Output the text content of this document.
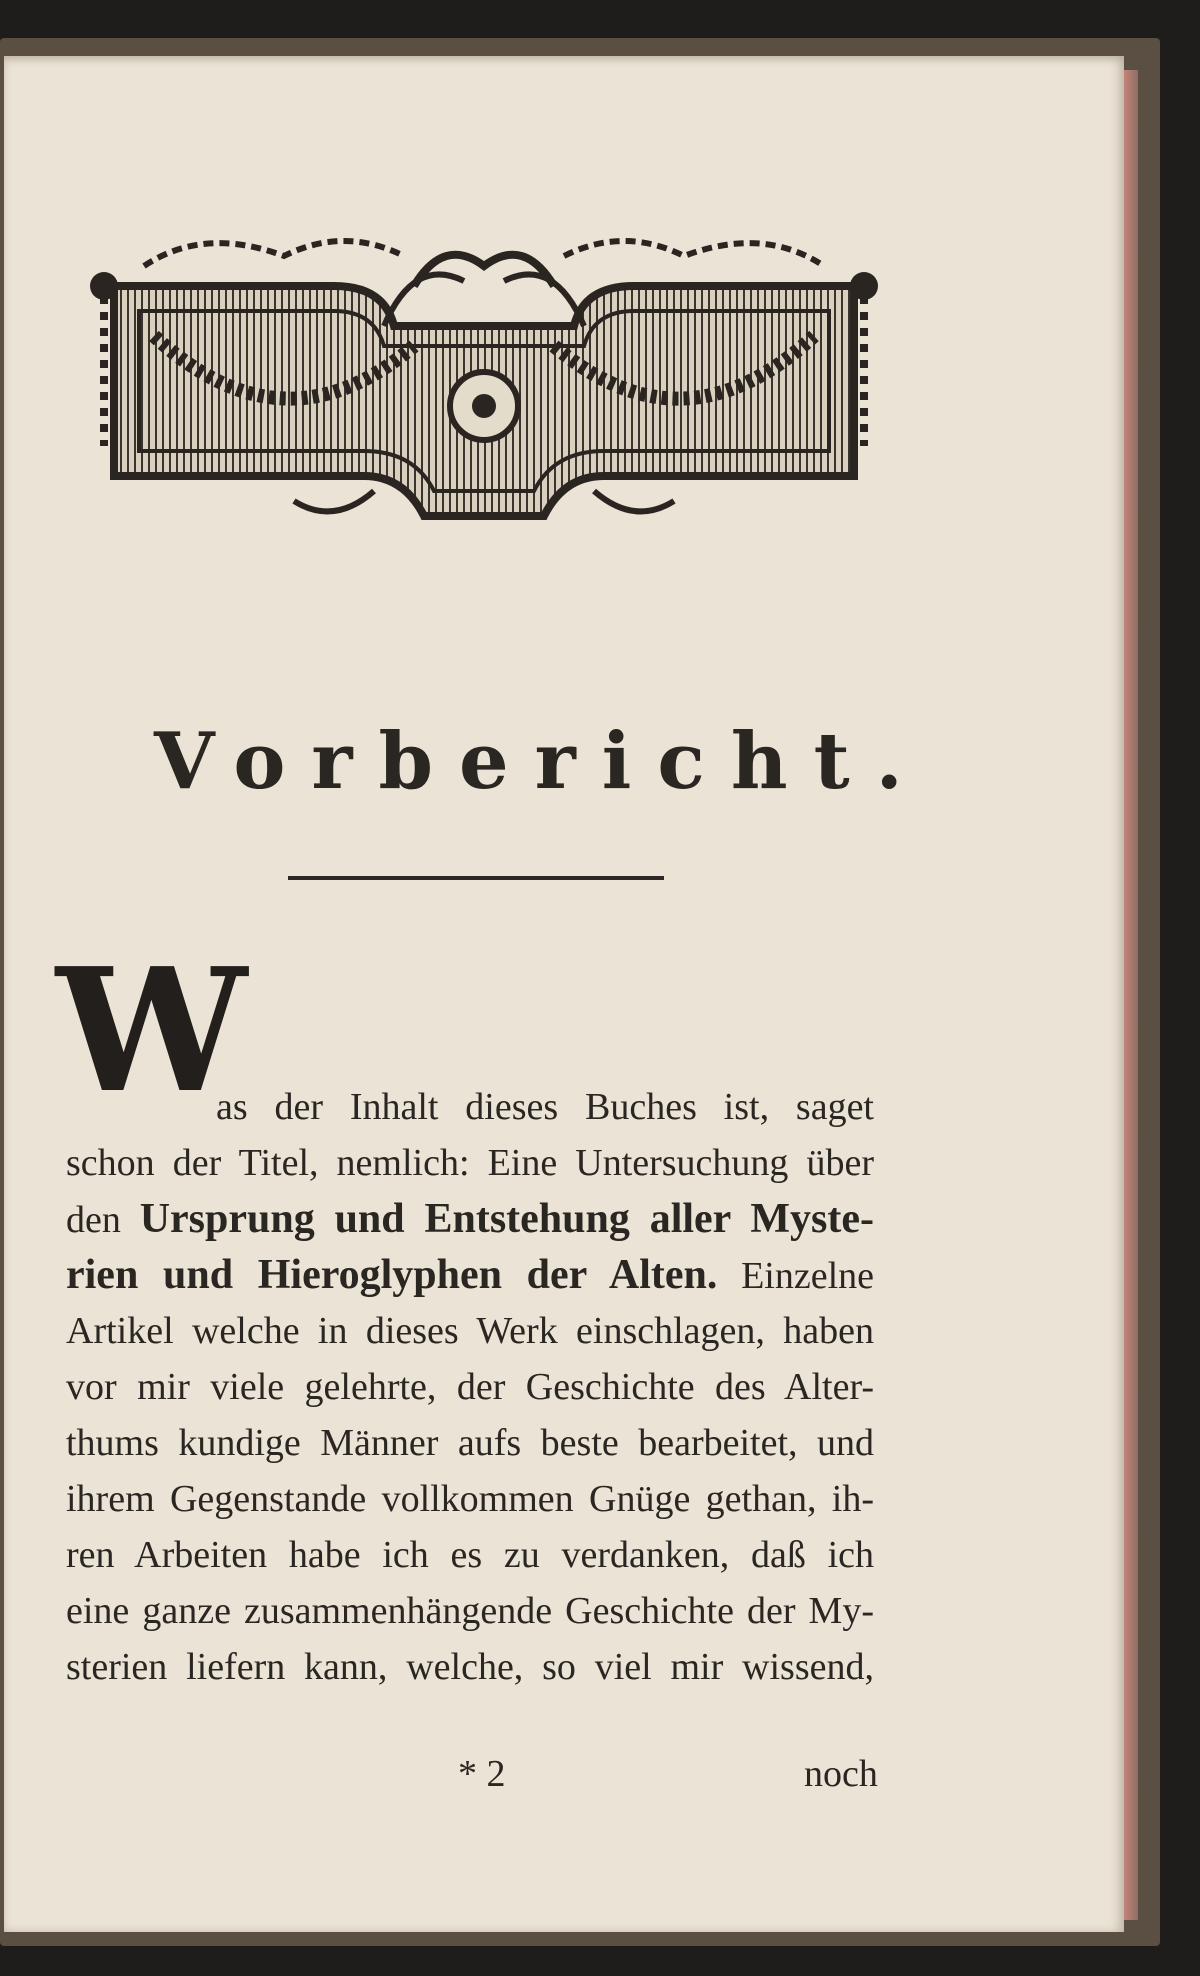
Vorbericht.
W
as der Inhalt dieses Buches ist, saget
schon der Titel, nemlich: Eine Untersuchung über
den Ursprung und Entstehung aller Myste-
rien und Hieroglyphen der Alten. Einzelne
Artikel welche in dieses Werk einschlagen, haben
vor mir viele gelehrte, der Geschichte des Alter-
thums kundige Männer aufs beste bearbeitet, und
ihrem Gegenstande vollkommen Gnüge gethan, ih-
ren Arbeiten habe ich es zu verdanken, daß ich
eine ganze zusammenhängende Geschichte der My-
sterien liefern kann, welche, so viel mir wissend,
* 2	noch
